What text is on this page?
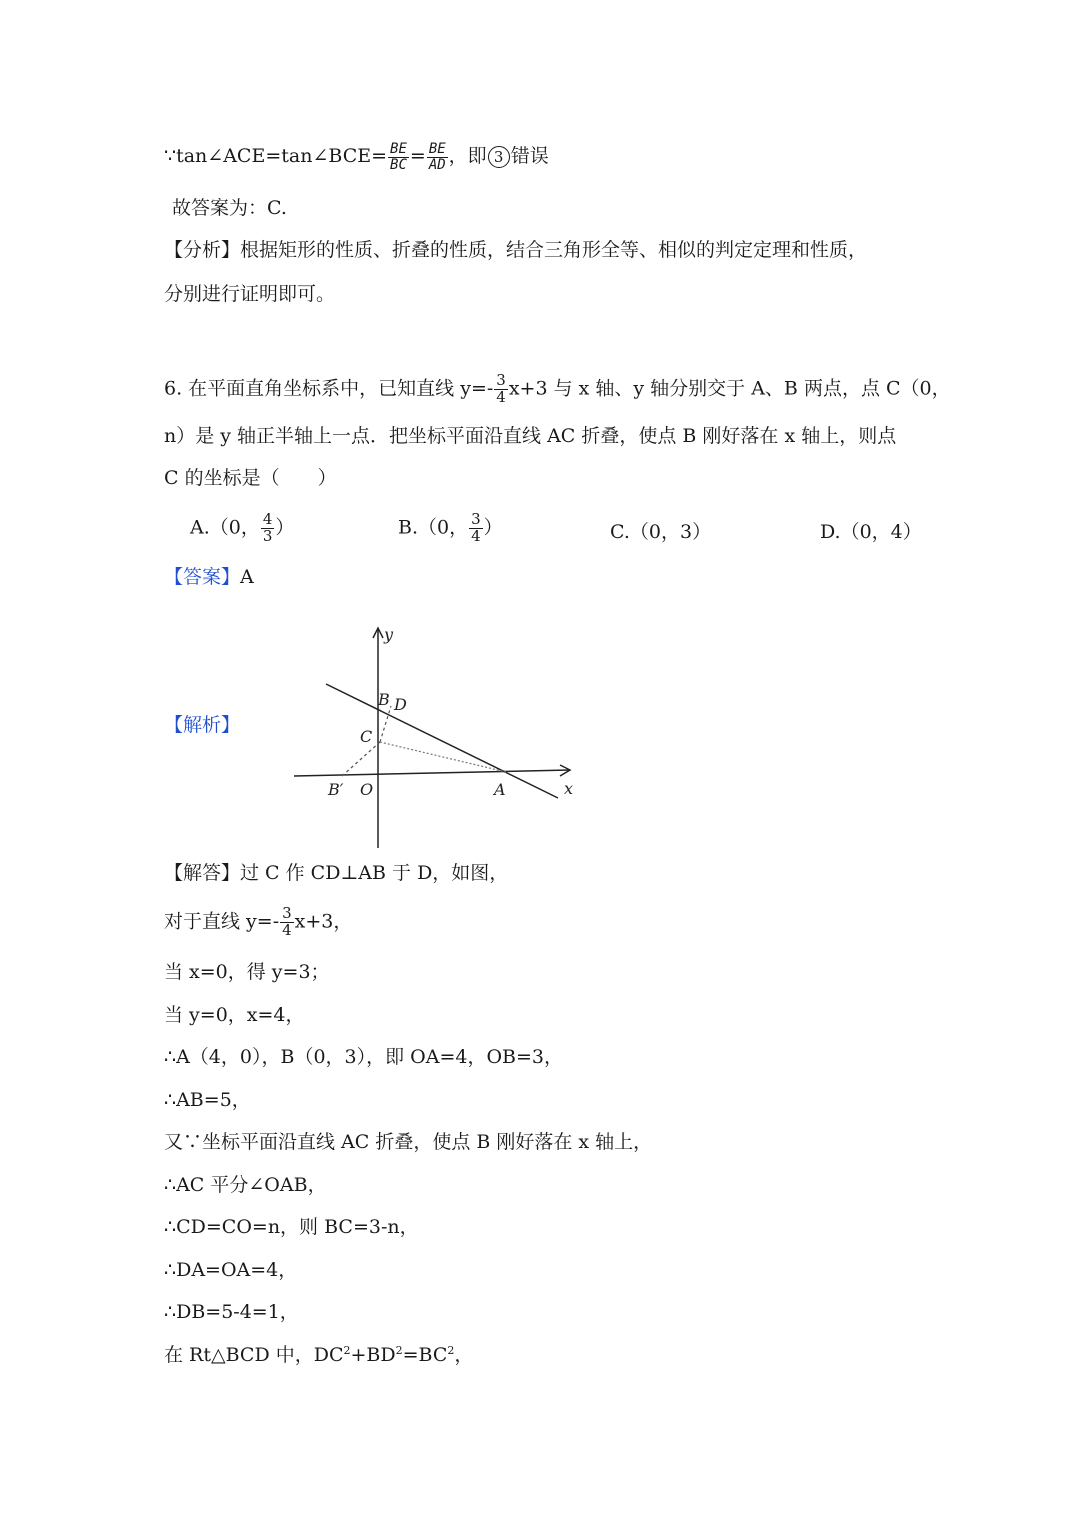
∵tan∠ACE=tan∠BCE= $\frac{BE}{BC} = \frac{BE}{AD}$ ，即 3 错误
故答案为：C.
【分析】根据矩形的性质、折叠的性质，结合三角形全等、相似的判定定理和性质，
分别进行证明即可。
6. 在平面直角坐标系中，已知直线 $y=- \frac{3}{4} x+3$ 与 x 轴、y 轴分别交于 A、B 两点，点 C（0，
n）是 y 轴正半轴上一点．把坐标平面沿直线 AC 折叠，使点 B 刚好落在 x 轴上，则点
C 的坐标是（　　）
A.（0， $\frac{4}{3}$ ）	B.（0， $\frac{3}{4}$ ）	C.（0，3）	D.（0，4）
【答案】A
【解析】
y
B D
C
B′ O	A	x
【解答】过 C 作 CD⊥AB 于 D，如图，
对于直线 $y=- \frac{3}{4} x+3$，
当 x=0，得 y=3；
当 y=0，x=4，
∴A（4，0），B（0，3），即 OA=4，OB=3，
∴AB=5，
又∵坐标平面沿直线 AC 折叠，使点 B 刚好落在 x 轴上，
∴AC 平分∠OAB，
∴CD=CO=n，则 BC=3-n，
∴DA=OA=4，
∴DB=5-4=1，
在 Rt△BCD 中，$DC^2+BD^2=BC^2$，
